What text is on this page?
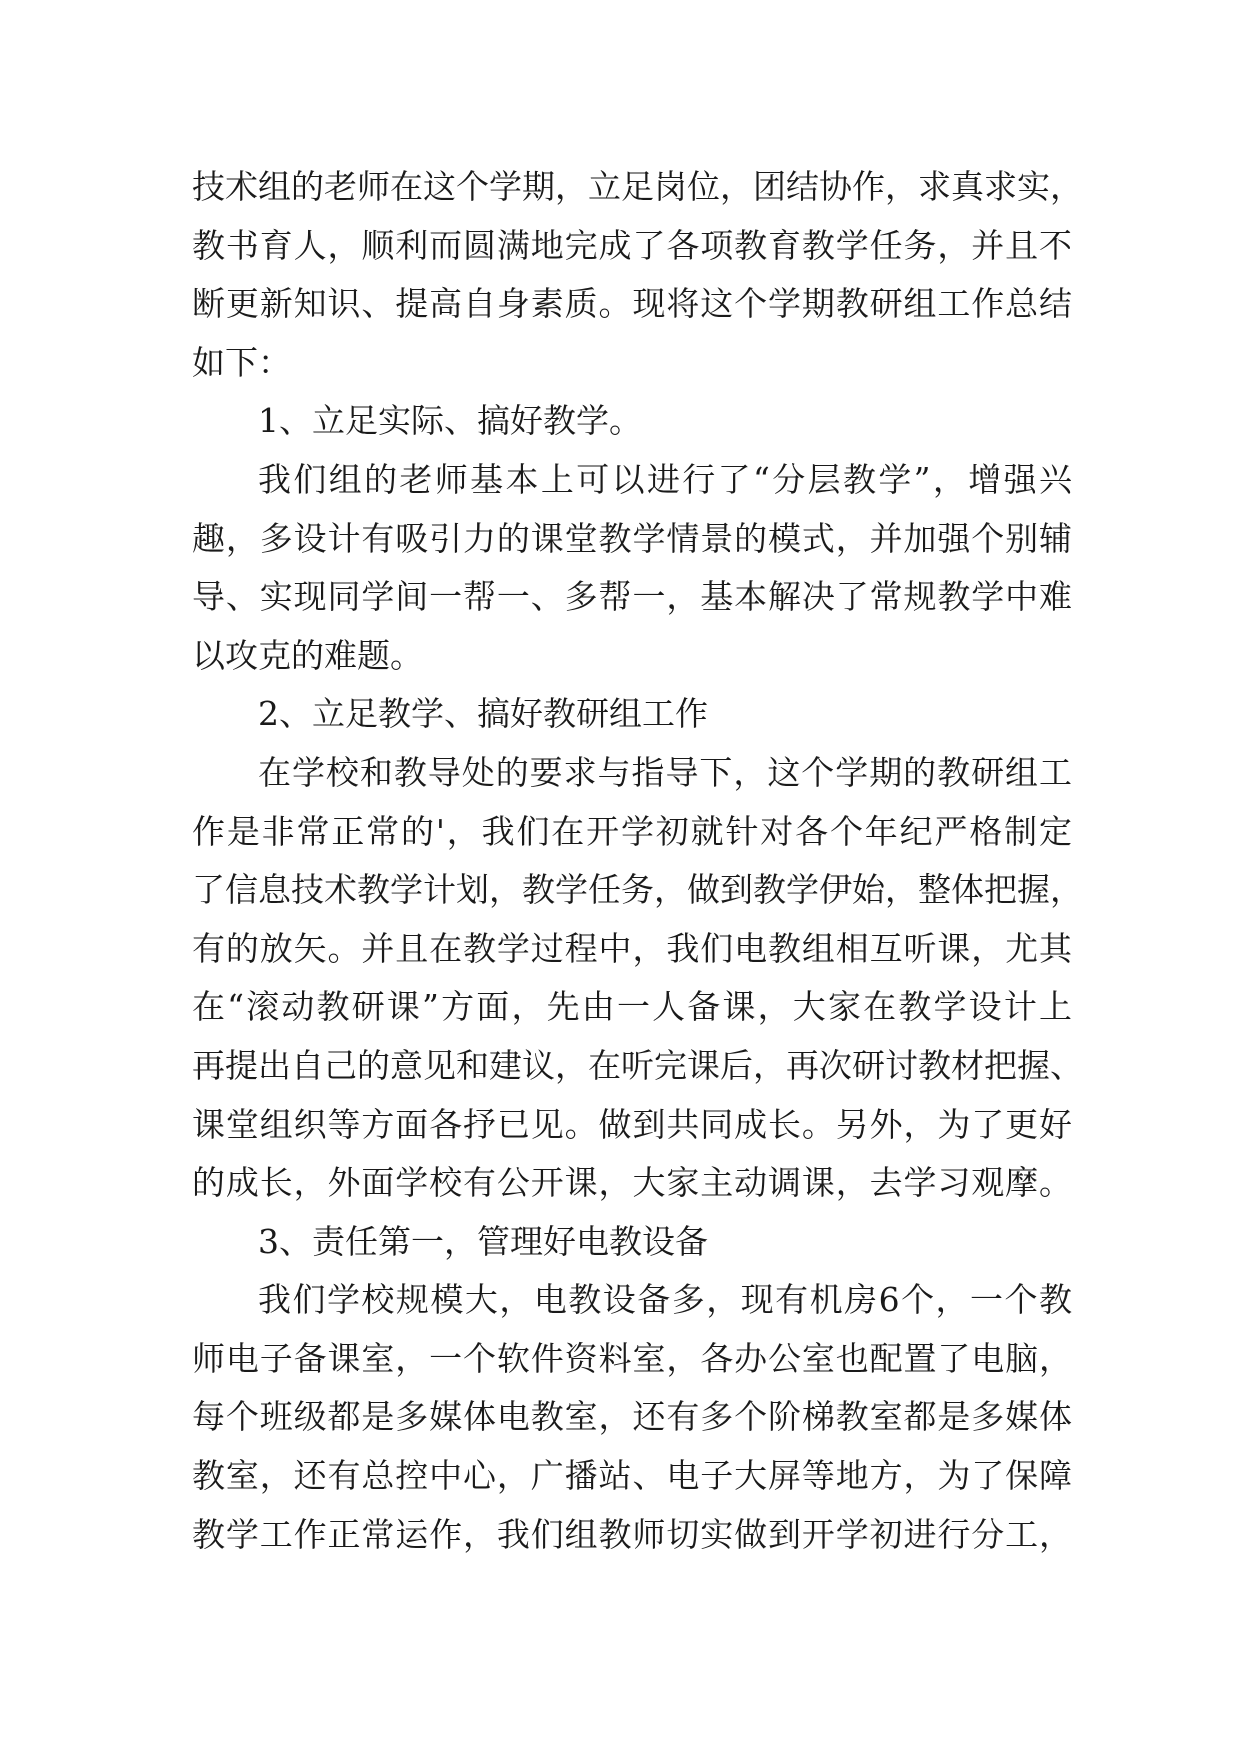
技术组的老师在这个学期，立足岗位，团结协作，求真求实，
教书育人，顺利而圆满地完成了各项教育教学任务，并且不
断更新知识、提高自身素质。现将这个学期教研组工作总结
如下：
1、立足实际、搞好教学。
我们组的老师基本上可以进行了“分层教学”，增强兴
趣，多设计有吸引力的课堂教学情景的模式，并加强个别辅
导、实现同学间一帮一、多帮一，基本解决了常规教学中难
以攻克的难题。
2、立足教学、搞好教研组工作
在学校和教导处的要求与指导下，这个学期的教研组工
作是非常正常的'，我们在开学初就针对各个年纪严格制定
了信息技术教学计划，教学任务，做到教学伊始，整体把握，
有的放矢。并且在教学过程中，我们电教组相互听课，尤其
在“滚动教研课”方面，先由一人备课，大家在教学设计上
再提出自己的意见和建议，在听完课后，再次研讨教材把握、
课堂组织等方面各抒已见。做到共同成长。另外，为了更好
的成长，外面学校有公开课，大家主动调课，去学习观摩。
3、责任第一，管理好电教设备
我们学校规模大，电教设备多，现有机房6个，一个教
师电子备课室，一个软件资料室，各办公室也配置了电脑，
每个班级都是多媒体电教室，还有多个阶梯教室都是多媒体
教室，还有总控中心，广播站、电子大屏等地方，为了保障
教学工作正常运作，我们组教师切实做到开学初进行分工，
